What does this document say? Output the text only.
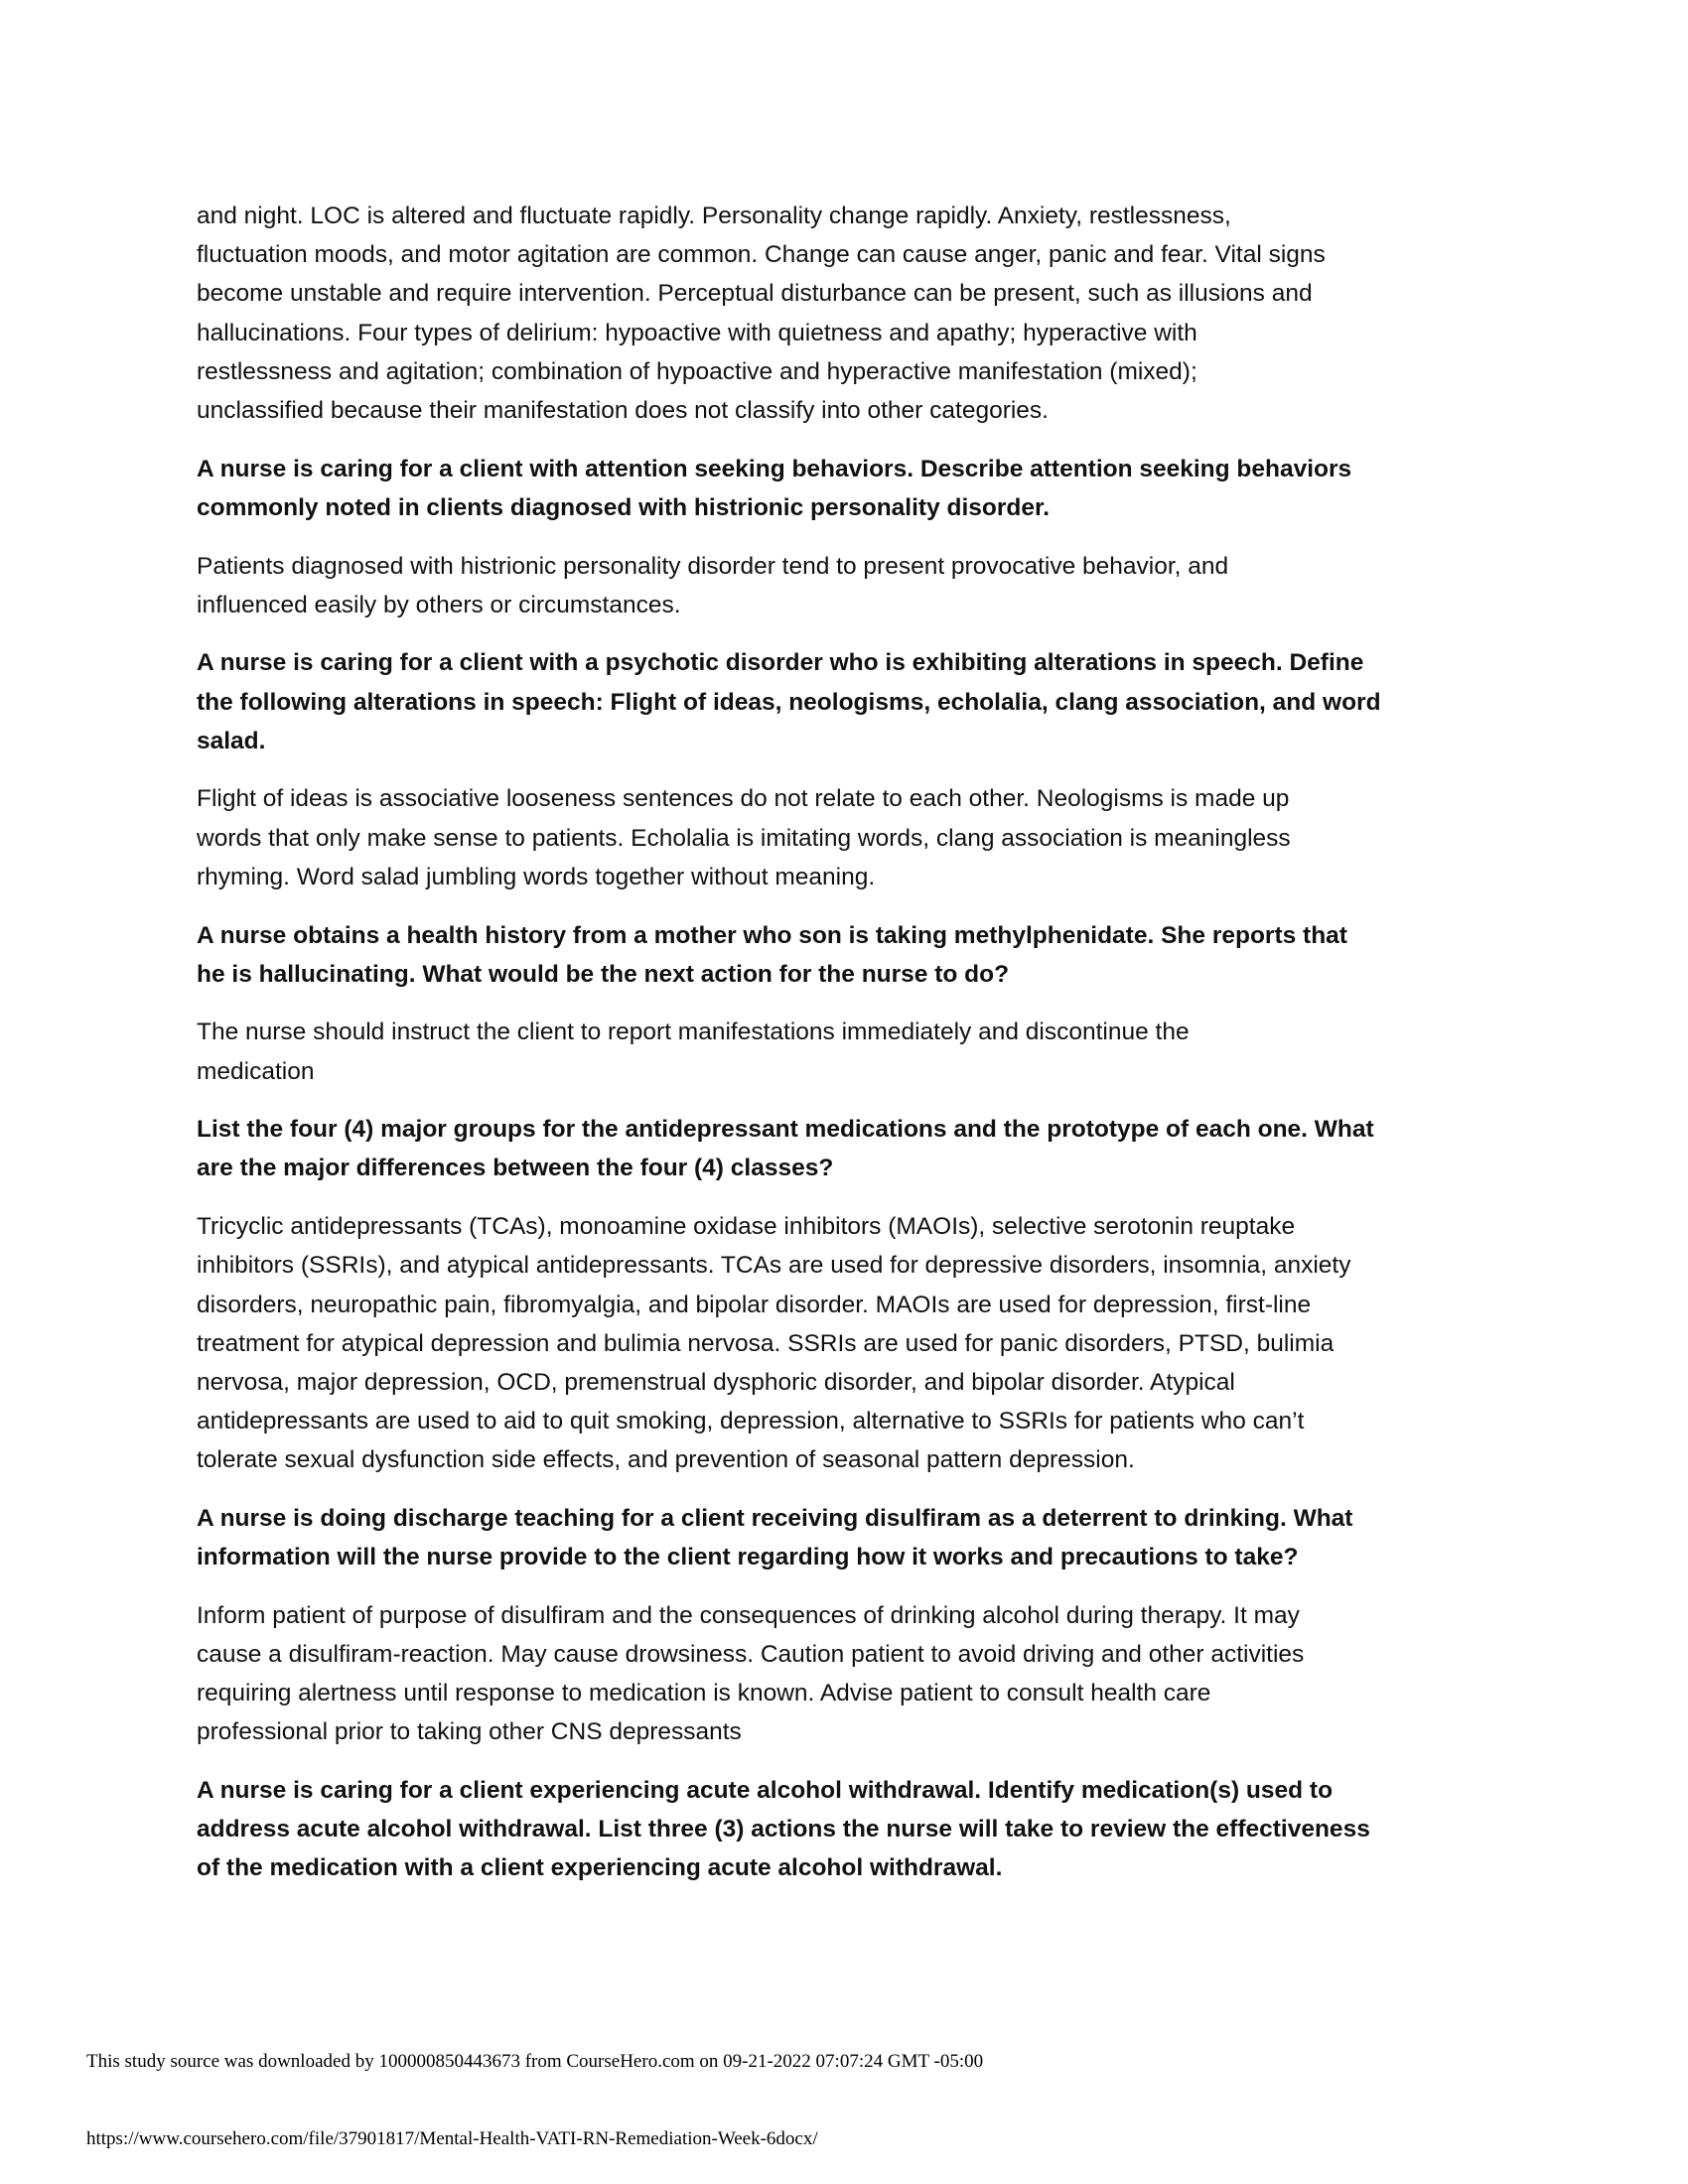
and night. LOC is altered and fluctuate rapidly. Personality change rapidly. Anxiety, restlessness,
fluctuation moods, and motor agitation are common. Change can cause anger, panic and fear. Vital signs
become unstable and require intervention. Perceptual disturbance can be present, such as illusions and
hallucinations. Four types of delirium: hypoactive with quietness and apathy; hyperactive with
restlessness and agitation; combination of hypoactive and hyperactive manifestation (mixed);
unclassified because their manifestation does not classify into other categories.
A nurse is caring for a client with attention seeking behaviors. Describe attention seeking behaviors
commonly noted in clients diagnosed with histrionic personality disorder.
Patients diagnosed with histrionic personality disorder tend to present provocative behavior, and
influenced easily by others or circumstances.
A nurse is caring for a client with a psychotic disorder who is exhibiting alterations in speech. Define
the following alterations in speech: Flight of ideas, neologisms, echolalia, clang association, and word
salad.
Flight of ideas is associative looseness sentences do not relate to each other. Neologisms is made up
words that only make sense to patients. Echolalia is imitating words, clang association is meaningless
rhyming. Word salad jumbling words together without meaning.
A nurse obtains a health history from a mother who son is taking methylphenidate. She reports that
he is hallucinating. What would be the next action for the nurse to do?
The nurse should instruct the client to report manifestations immediately and discontinue the
medication
List the four (4) major groups for the antidepressant medications and the prototype of each one. What
are the major differences between the four (4) classes?
Tricyclic antidepressants (TCAs), monoamine oxidase inhibitors (MAOIs), selective serotonin reuptake
inhibitors (SSRIs), and atypical antidepressants. TCAs are used for depressive disorders, insomnia, anxiety
disorders, neuropathic pain, fibromyalgia, and bipolar disorder. MAOIs are used for depression, first-line
treatment for atypical depression and bulimia nervosa. SSRIs are used for panic disorders, PTSD, bulimia
nervosa, major depression, OCD, premenstrual dysphoric disorder, and bipolar disorder. Atypical
antidepressants are used to aid to quit smoking, depression, alternative to SSRIs for patients who can’t
tolerate sexual dysfunction side effects, and prevention of seasonal pattern depression.
A nurse is doing discharge teaching for a client receiving disulfiram as a deterrent to drinking. What
information will the nurse provide to the client regarding how it works and precautions to take?
Inform patient of purpose of disulfiram and the consequences of drinking alcohol during therapy. It may
cause a disulfiram-reaction. May cause drowsiness. Caution patient to avoid driving and other activities
requiring alertness until response to medication is known. Advise patient to consult health care
professional prior to taking other CNS depressants
A nurse is caring for a client experiencing acute alcohol withdrawal. Identify medication(s) used to
address acute alcohol withdrawal. List three (3) actions the nurse will take to review the effectiveness
of the medication with a client experiencing acute alcohol withdrawal.
This study source was downloaded by 100000850443673 from CourseHero.com on 09-21-2022 07:07:24 GMT -05:00
https://www.coursehero.com/file/37901817/Mental-Health-VATI-RN-Remediation-Week-6docx/
